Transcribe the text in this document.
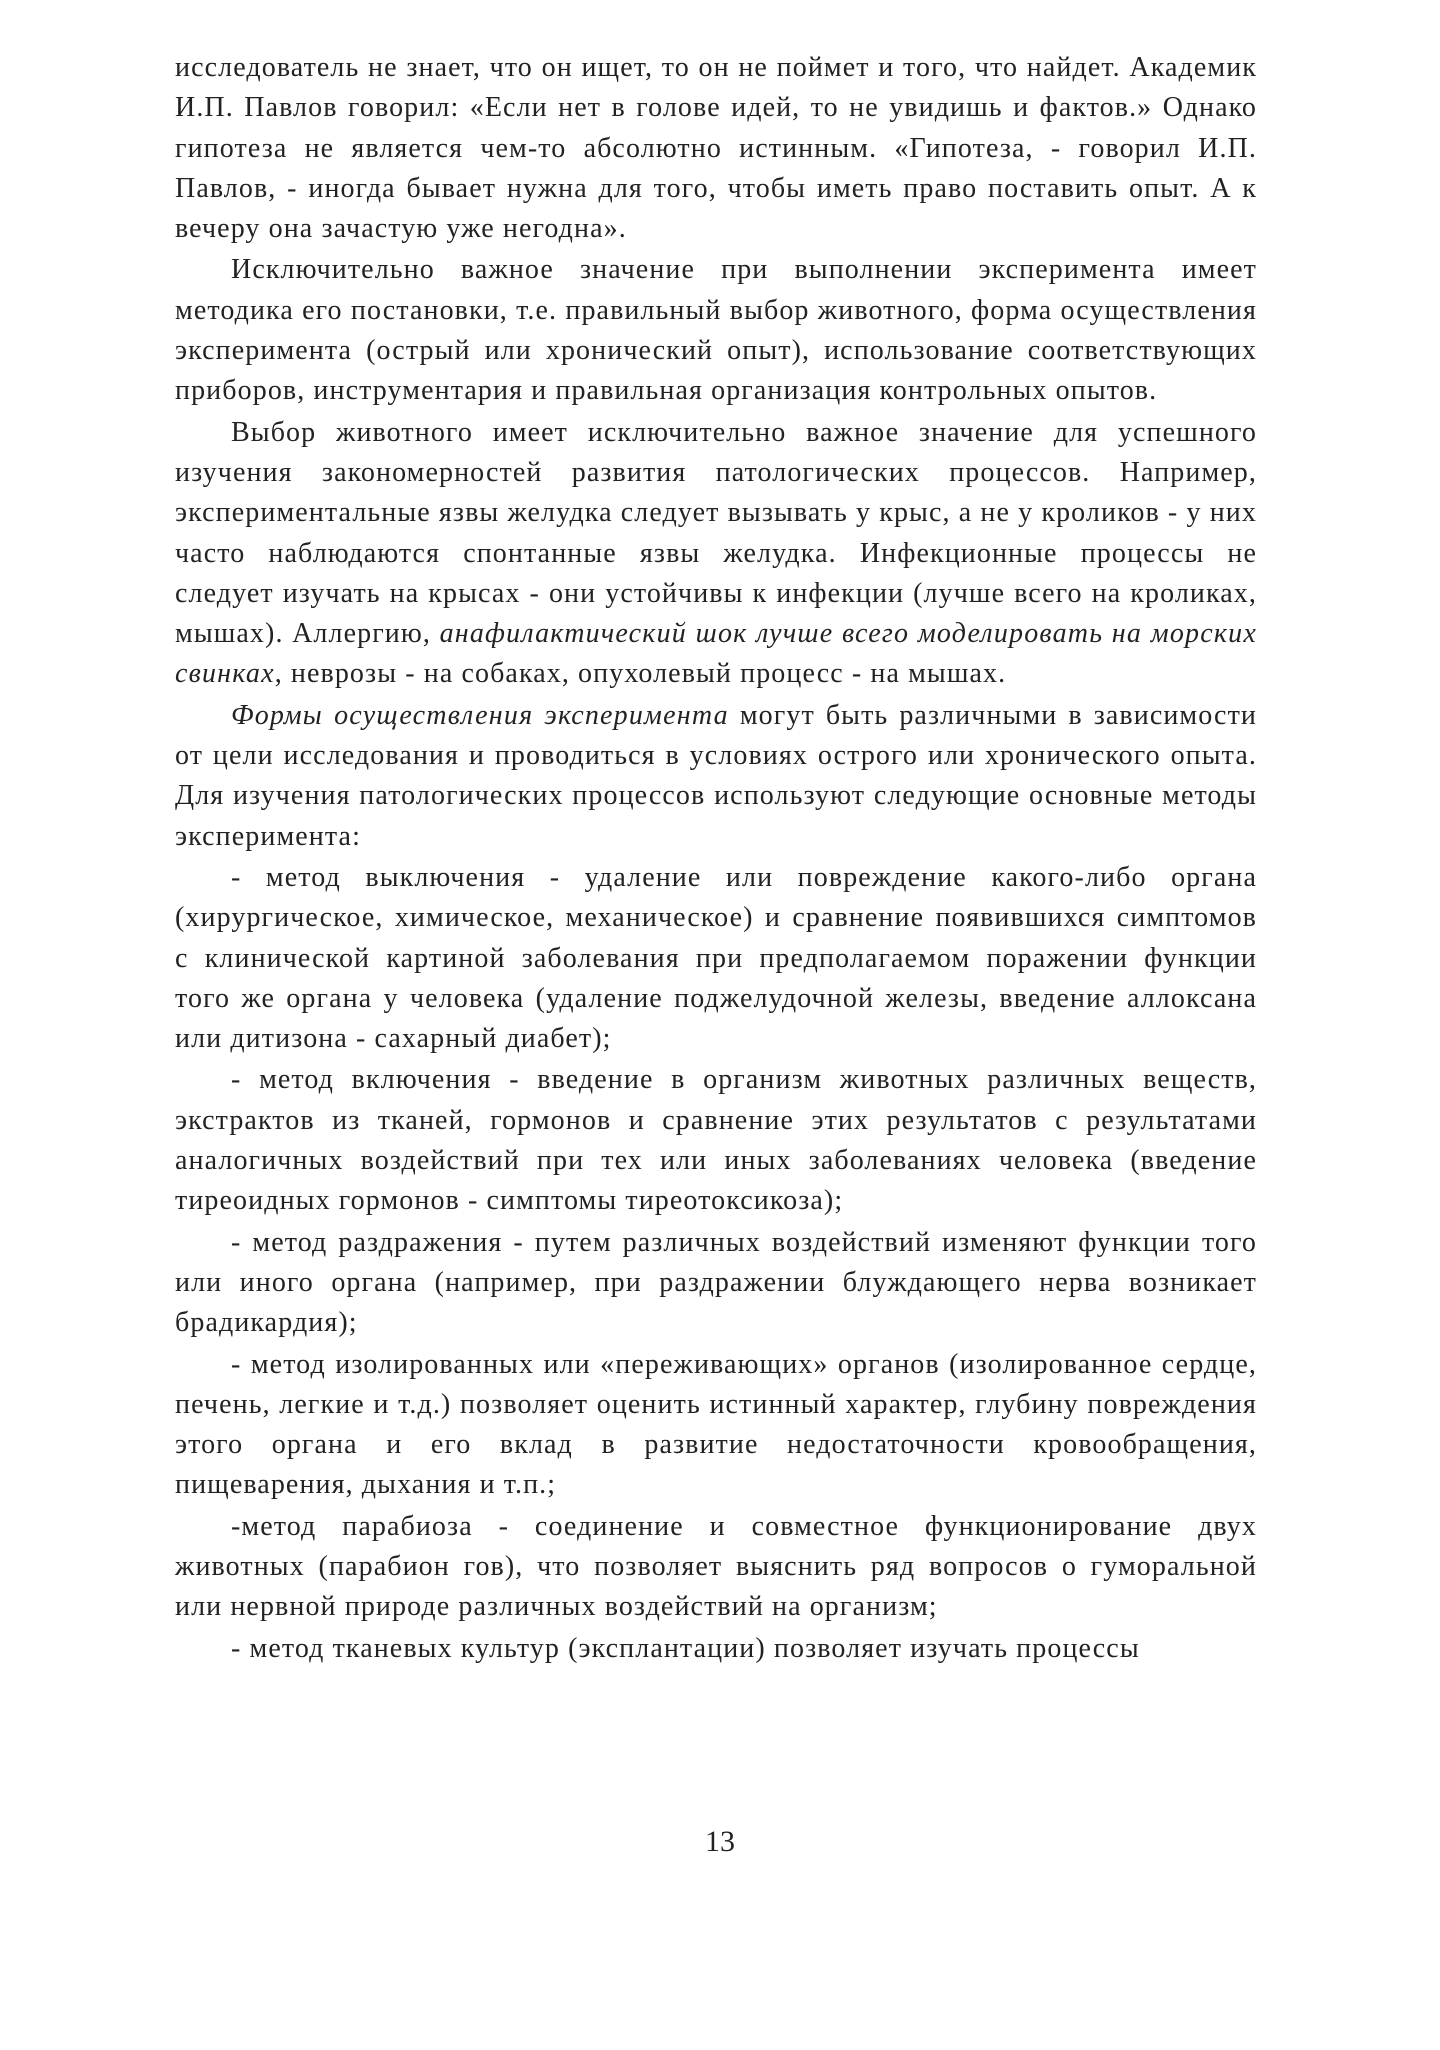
исследователь не знает, что он ищет, то он не поймет и того, что найдет. Академик И.П. Павлов говорил: «Если нет в голове идей, то не увидишь и фактов.» Однако гипотеза не является чем-то абсолютно истинным. «Гипотеза, - говорил И.П. Павлов, - иногда бывает нужна для того, чтобы иметь право поставить опыт. А к вечеру она зачастую уже негодна».

Исключительно важное значение при выполнении эксперимента имеет методика его постановки, т.е. правильный выбор животного, форма осуществления эксперимента (острый или хронический опыт), использование соответствующих приборов, инструментария и правильная организация контрольных опытов.

Выбор животного имеет исключительно важное значение для успешного изучения закономерностей развития патологических процессов. Например, экспериментальные язвы желудка следует вызывать у крыс, а не у кроликов - у них часто наблюдаются спонтанные язвы желудка. Инфекционные процессы не следует изучать на крысах - они устойчивы к инфекции (лучше всего на кроликах, мышах). Аллергию, анафилактический шок лучше всего моделировать на морских свинках, неврозы - на собаках, опухолевый процесс - на мышах.

Формы осуществления эксперимента могут быть различными в зависимости от цели исследования и проводиться в условиях острого или хронического опыта. Для изучения патологических процессов используют следующие основные методы эксперимента:

- метод выключения - удаление или повреждение какого-либо органа (хирургическое, химическое, механическое) и сравнение появившихся симптомов с клинической картиной заболевания при предполагаемом поражении функции того же органа у человека (удаление поджелудочной железы, введение аллоксана или дитизона - сахарный диабет);

- метод включения - введение в организм животных различных веществ, экстрактов из тканей, гормонов и сравнение этих результатов с результатами аналогичных воздействий при тех или иных заболеваниях человека (введение тиреоидных гормонов - симптомы тиреотоксикоза);

- метод раздражения - путем различных воздействий изменяют функции того или иного органа (например, при раздражении блуждающего нерва возникает брадикардия);

- метод изолированных или «переживающих» органов (изолированное сердце, печень, легкие и т.д.) позволяет оценить истинный характер, глубину повреждения этого органа и его вклад в развитие недостаточности кровообращения, пищеварения, дыхания и т.п.;

-метод парабиоза - соединение и совместное функционирование двух животных (парабион гов), что позволяет выяснить ряд вопросов о гуморальной или нервной природе различных воздействий на организм;

- метод тканевых культур (эксплантации) позволяет изучать процессы

13
